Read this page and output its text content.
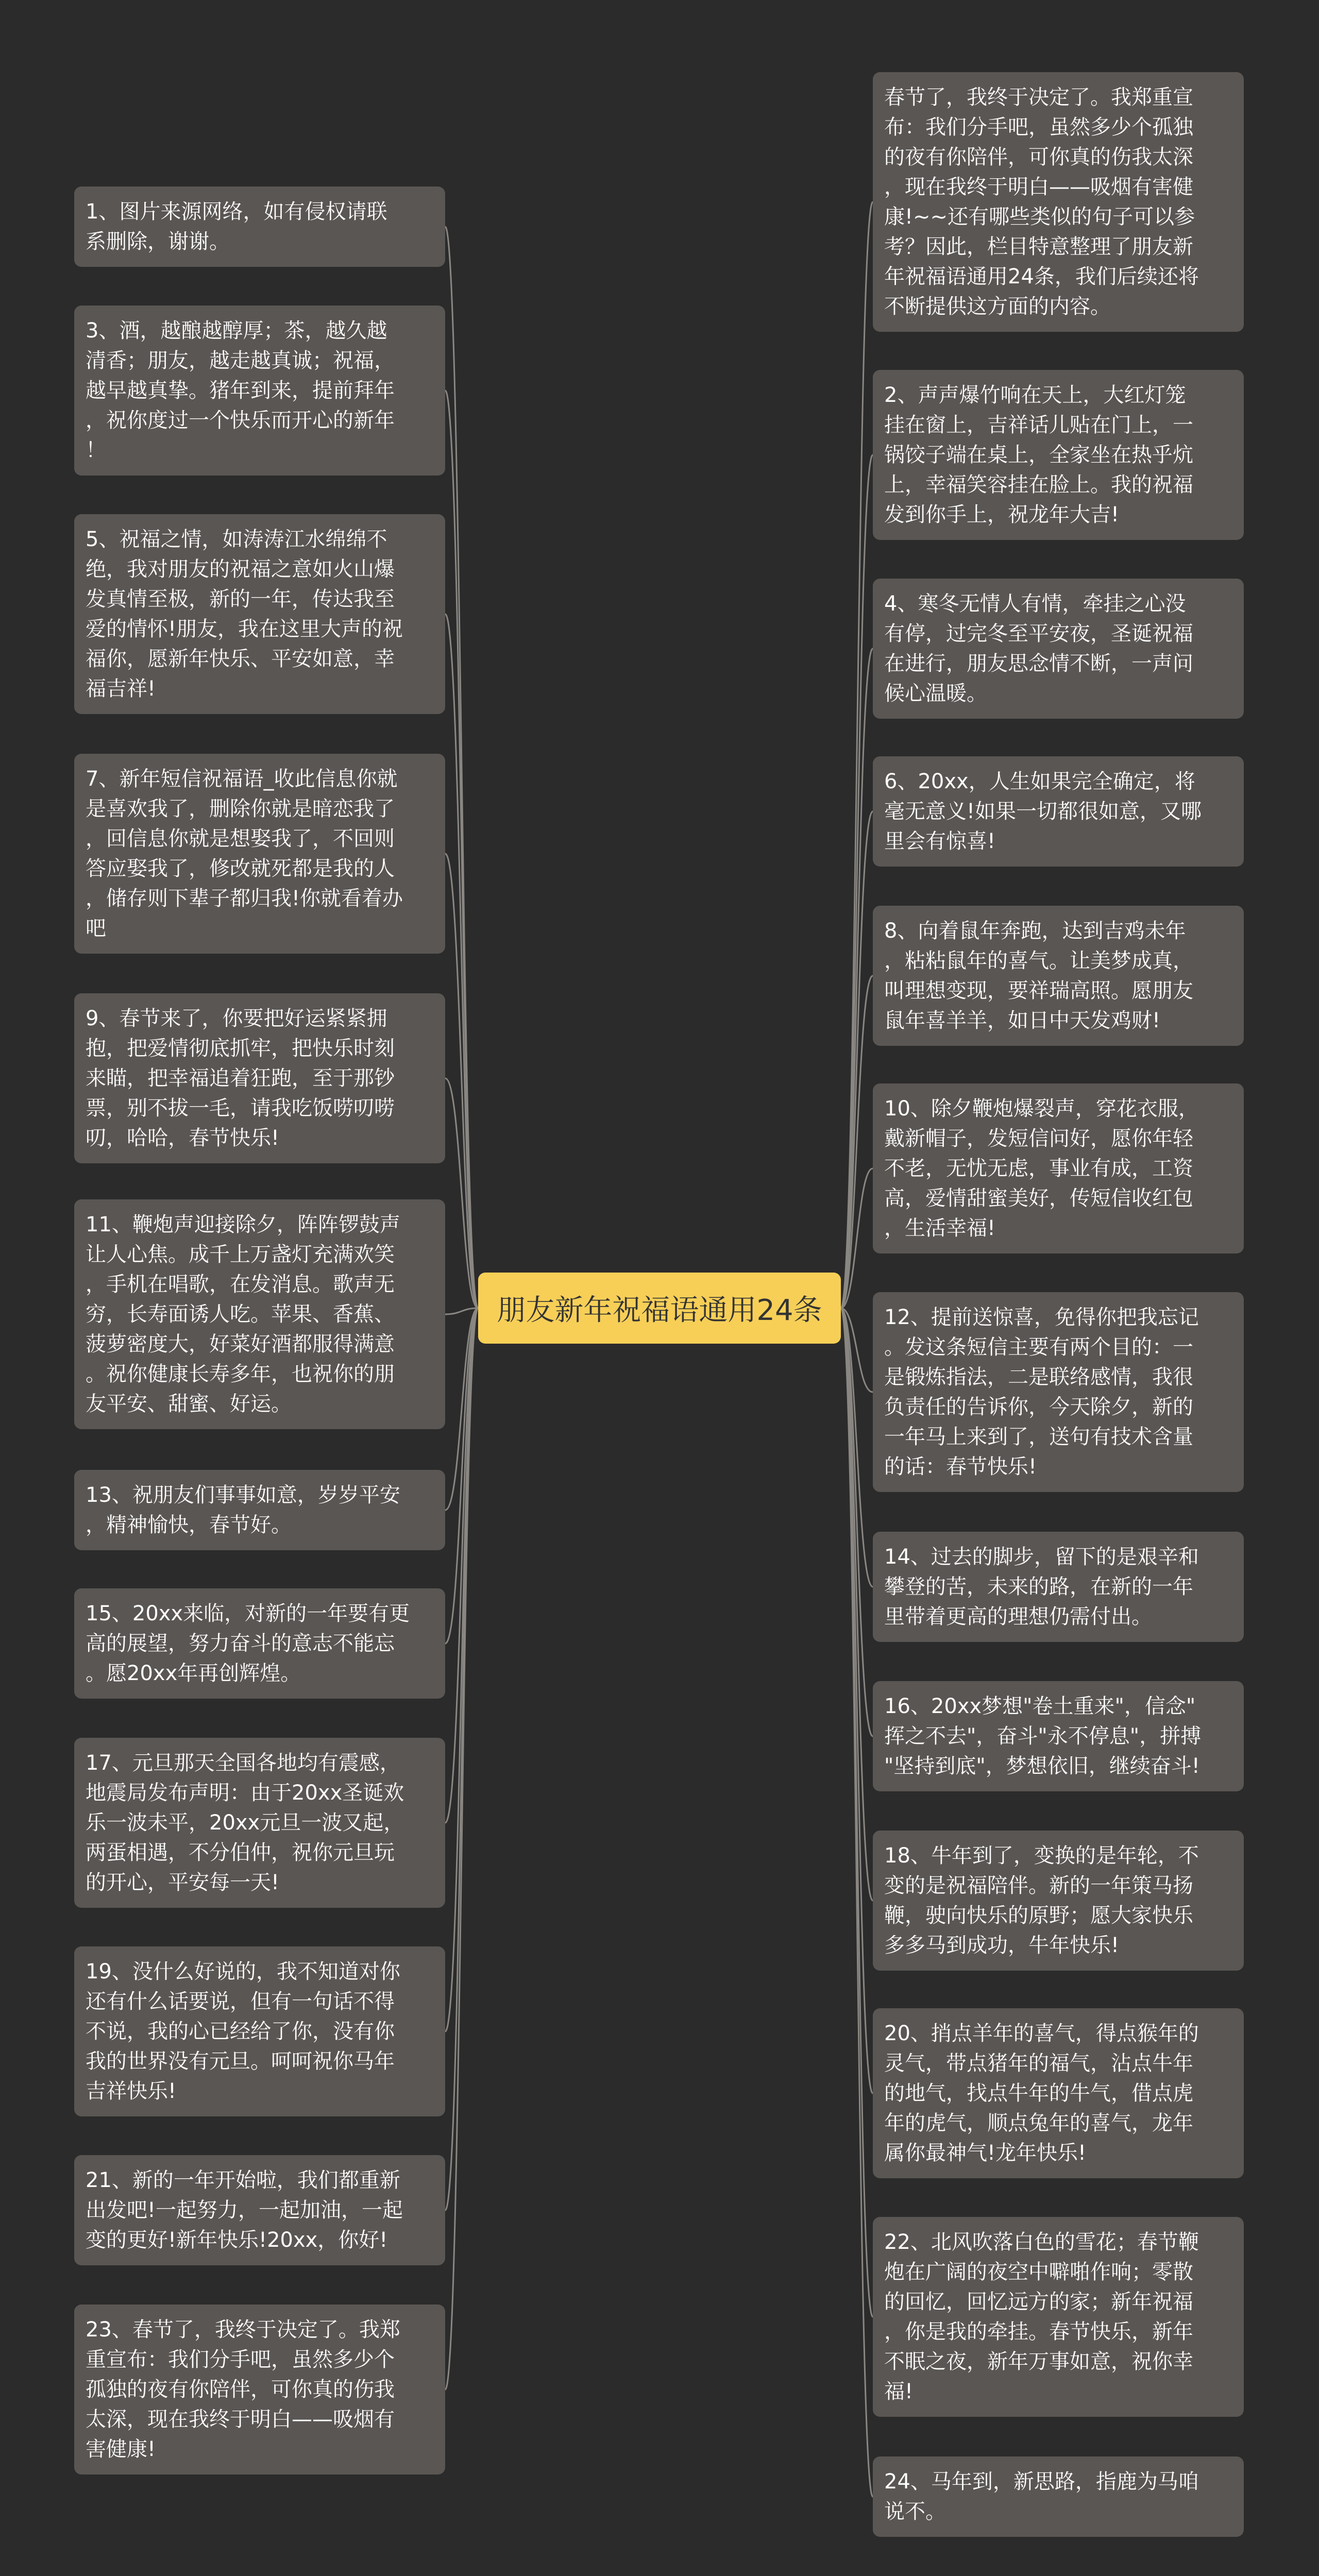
朋友新年祝福语通用24条
1、图片来源网络，如有侵权请联
系删除，谢谢。
3、酒，越酿越醇厚；茶，越久越
清香；朋友，越走越真诚；祝福，
越早越真挚。猪年到来，提前拜年
，祝你度过一个快乐而开心的新年
！
5、祝福之情，如涛涛江水绵绵不
绝，我对朋友的祝福之意如火山爆
发真情至极，新的一年，传达我至
爱的情怀!朋友，我在这里大声的祝
福你，愿新年快乐、平安如意，幸
福吉祥!
7、新年短信祝福语_收此信息你就
是喜欢我了，删除你就是暗恋我了
，回信息你就是想娶我了，不回则
答应娶我了，修改就死都是我的人
，储存则下辈子都归我!你就看着办
吧
9、春节来了，你要把好运紧紧拥
抱，把爱情彻底抓牢，把快乐时刻
来瞄，把幸福追着狂跑，至于那钞
票，别不拔一毛，请我吃饭唠叨唠
叨，哈哈，春节快乐!
11、鞭炮声迎接除夕，阵阵锣鼓声
让人心焦。成千上万盏灯充满欢笑
，手机在唱歌，在发消息。歌声无
穷，长寿面诱人吃。苹果、香蕉、
菠萝密度大，好菜好酒都服得满意
。祝你健康长寿多年，也祝你的朋
友平安、甜蜜、好运。
13、祝朋友们事事如意，岁岁平安
，精神愉快，春节好。
15、20xx来临，对新的一年要有更
高的展望，努力奋斗的意志不能忘
。愿20xx年再创辉煌。
17、元旦那天全国各地均有震感，
地震局发布声明：由于20xx圣诞欢
乐一波未平，20xx元旦一波又起，
两蛋相遇，不分伯仲，祝你元旦玩
的开心，平安每一天!
19、没什么好说的，我不知道对你
还有什么话要说，但有一句话不得
不说，我的心已经给了你，没有你
我的世界没有元旦。呵呵祝你马年
吉祥快乐!
21、新的一年开始啦，我们都重新
出发吧!一起努力，一起加油，一起
变的更好!新年快乐!20xx，你好!
23、春节了，我终于决定了。我郑
重宣布：我们分手吧，虽然多少个
孤独的夜有你陪伴，可你真的伤我
太深，现在我终于明白——吸烟有
害健康!
春节了，我终于决定了。我郑重宣
布：我们分手吧，虽然多少个孤独
的夜有你陪伴，可你真的伤我太深
，现在我终于明白——吸烟有害健
康!~~还有哪些类似的句子可以参
考？因此，栏目特意整理了朋友新
年祝福语通用24条，我们后续还将
不断提供这方面的内容。
2、声声爆竹响在天上，大红灯笼
挂在窗上，吉祥话儿贴在门上，一
锅饺子端在桌上，全家坐在热乎炕
上，幸福笑容挂在脸上。我的祝福
发到你手上，祝龙年大吉!
4、寒冬无情人有情，牵挂之心没
有停，过完冬至平安夜，圣诞祝福
在进行，朋友思念情不断，一声问
候心温暖。
6、20xx，人生如果完全确定，将
毫无意义!如果一切都很如意，又哪
里会有惊喜!
8、向着鼠年奔跑，达到吉鸡未年
，粘粘鼠年的喜气。让美梦成真，
叫理想变现，要祥瑞高照。愿朋友
鼠年喜羊羊，如日中天发鸡财!
10、除夕鞭炮爆裂声，穿花衣服，
戴新帽子，发短信问好，愿你年轻
不老，无忧无虑，事业有成，工资
高，爱情甜蜜美好，传短信收红包
，生活幸福!
12、提前送惊喜，免得你把我忘记
。发这条短信主要有两个目的：一
是锻炼指法，二是联络感情，我很
负责任的告诉你，今天除夕，新的
一年马上来到了，送句有技术含量
的话：春节快乐!
14、过去的脚步，留下的是艰辛和
攀登的苦，未来的路，在新的一年
里带着更高的理想仍需付出。
16、20xx梦想"卷土重来"，信念"
挥之不去"，奋斗"永不停息"，拼搏
"坚持到底"，梦想依旧，继续奋斗!
18、牛年到了，变换的是年轮，不
变的是祝福陪伴。新的一年策马扬
鞭，驶向快乐的原野；愿大家快乐
多多马到成功，牛年快乐!
20、捎点羊年的喜气，得点猴年的
灵气，带点猪年的福气，沾点牛年
的地气，找点牛年的牛气，借点虎
年的虎气，顺点兔年的喜气，龙年
属你最神气!龙年快乐!
22、北风吹落白色的雪花；春节鞭
炮在广阔的夜空中噼啪作响；零散
的回忆，回忆远方的家；新年祝福
，你是我的牵挂。春节快乐，新年
不眠之夜，新年万事如意，祝你幸
福!
24、马年到，新思路，指鹿为马咱
说不。
